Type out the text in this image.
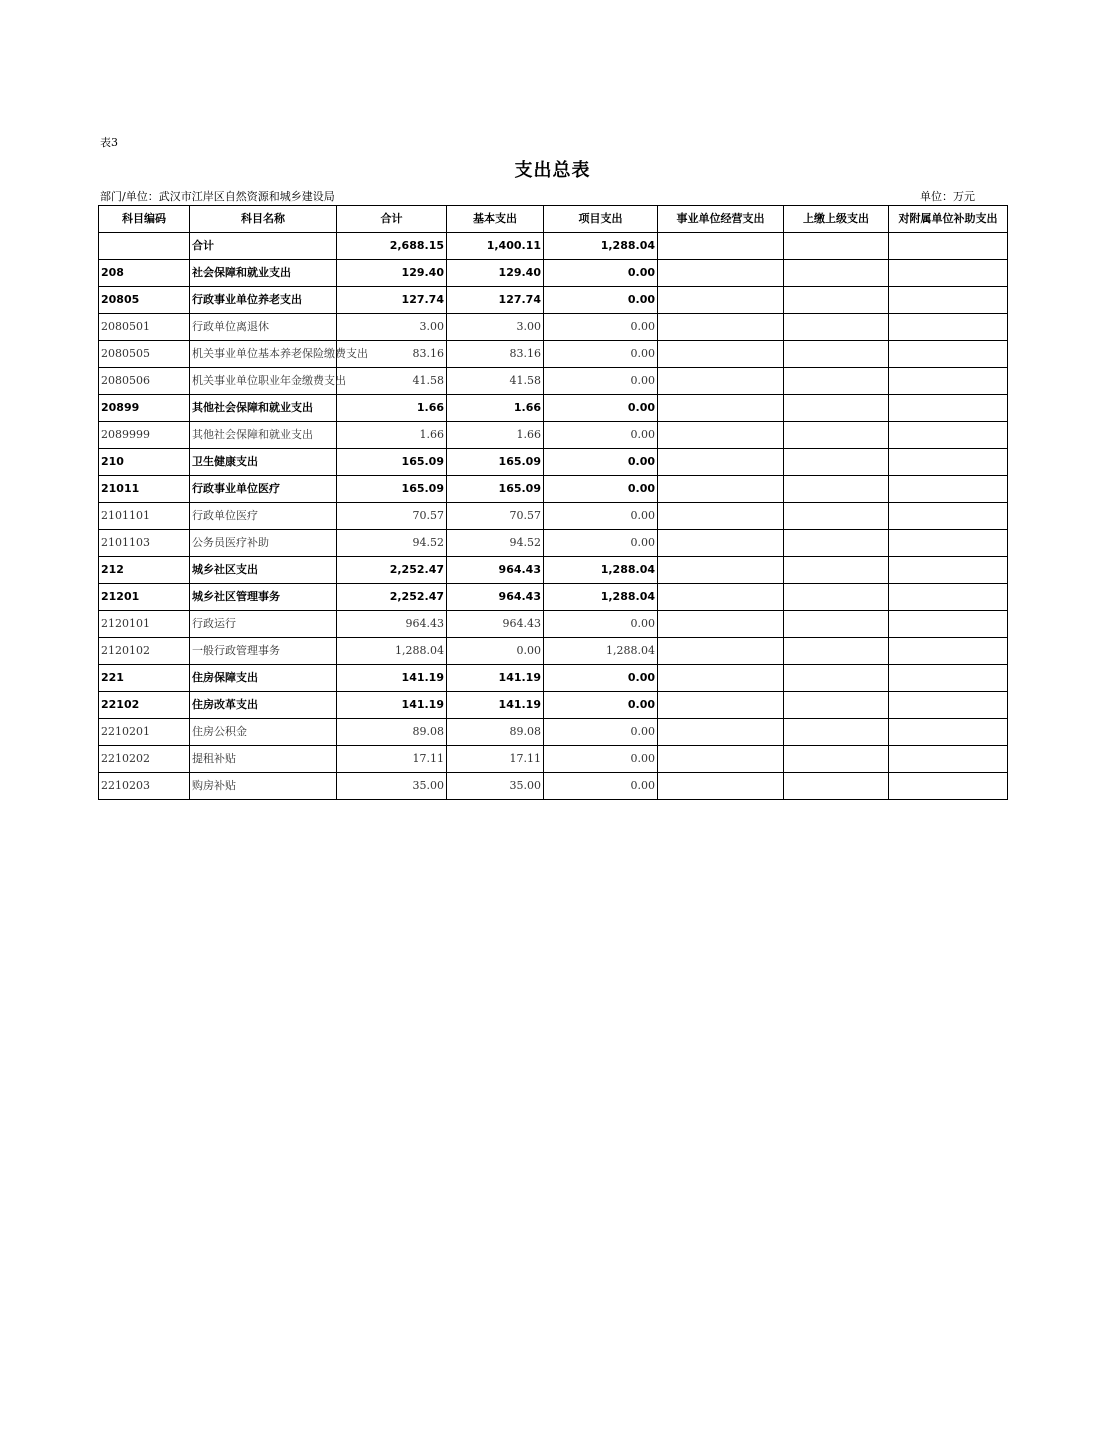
表3
支出总表
部门/单位：武汉市江岸区自然资源和城乡建设局	单位：万元
科目编码	科目名称	合计	基本支出	项目支出	事业单位经营支出	上缴上级支出	对附属单位补助支出
	合计	2,688.15	1,400.11	1,288.04			
208	社会保障和就业支出	129.40	129.40	0.00			
20805	行政事业单位养老支出	127.74	127.74	0.00			
2080501	行政单位离退休	3.00	3.00	0.00			
2080505	机关事业单位基本养老保险缴费支出	83.16	83.16	0.00			
2080506	机关事业单位职业年金缴费支出	41.58	41.58	0.00			
20899	其他社会保障和就业支出	1.66	1.66	0.00			
2089999	其他社会保障和就业支出	1.66	1.66	0.00			
210	卫生健康支出	165.09	165.09	0.00			
21011	行政事业单位医疗	165.09	165.09	0.00			
2101101	行政单位医疗	70.57	70.57	0.00			
2101103	公务员医疗补助	94.52	94.52	0.00			
212	城乡社区支出	2,252.47	964.43	1,288.04			
21201	城乡社区管理事务	2,252.47	964.43	1,288.04			
2120101	行政运行	964.43	964.43	0.00			
2120102	一般行政管理事务	1,288.04	0.00	1,288.04			
221	住房保障支出	141.19	141.19	0.00			
22102	住房改革支出	141.19	141.19	0.00			
2210201	住房公积金	89.08	89.08	0.00			
2210202	提租补贴	17.11	17.11	0.00			
2210203	购房补贴	35.00	35.00	0.00			
